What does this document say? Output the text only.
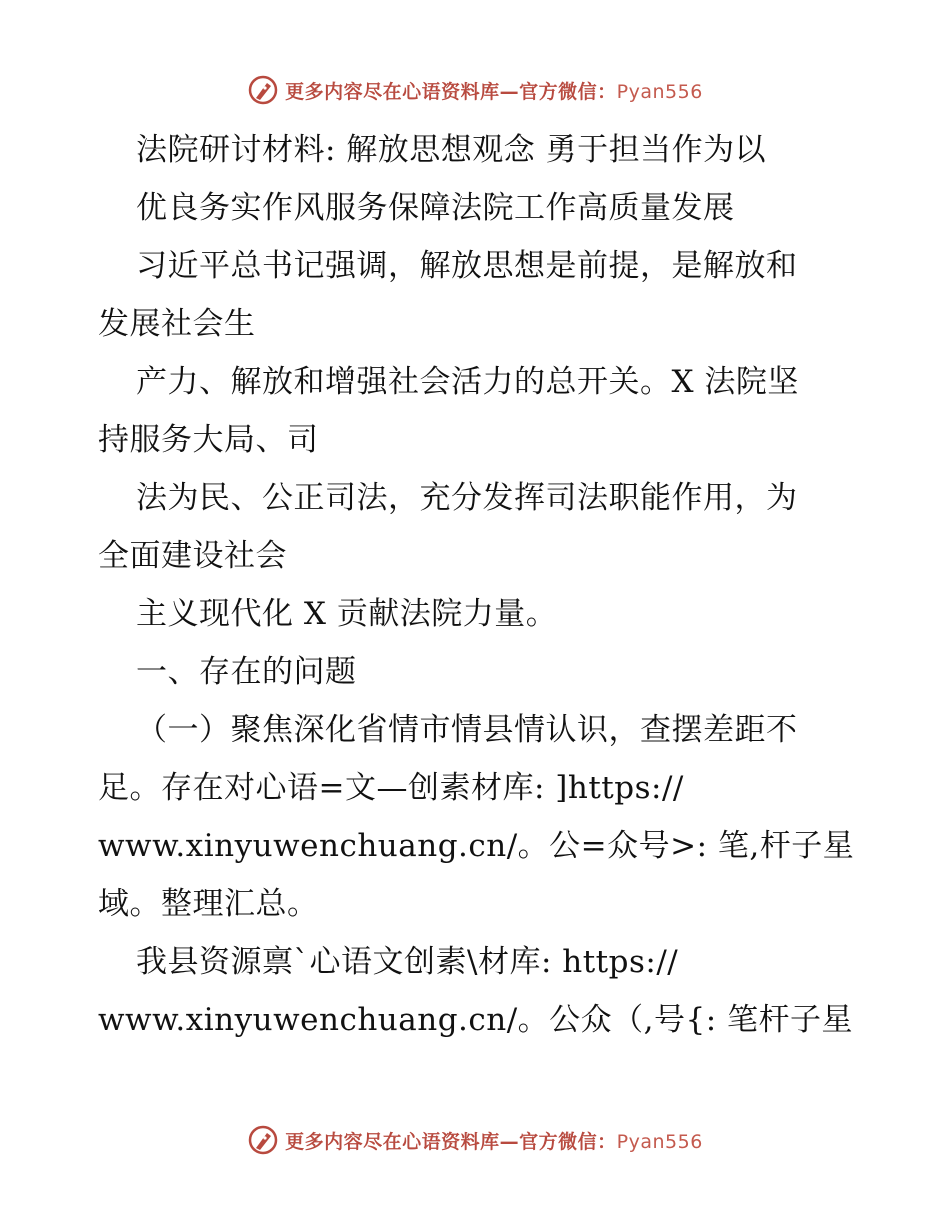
更多内容尽在心语资料库—官方微信：Pyan556
法院研讨材料: 解放思想观念 勇于担当作为以
优良务实作风服务保障法院工作高质量发展
习近平总书记强调，解放思想是前提，是解放和
发展社会生
产力、解放和增强社会活力的总开关。X 法院坚
持服务大局、司
法为民、公正司法，充分发挥司法职能作用，为
全面建设社会
主义现代化 X 贡献法院力量。
一、存在的问题
（一）聚焦深化省情市情县情认识，查摆差距不
足。存在对心语=文—创素材库: ]https://
www.xinyuwenchuang.cn/。公=众号>: 笔,杆子星
域。整理汇总。
我县资源禀`心语文创素\材库: https://
www.xinyuwenchuang.cn/。公众（,号{: 笔杆子星
更多内容尽在心语资料库—官方微信：Pyan556
